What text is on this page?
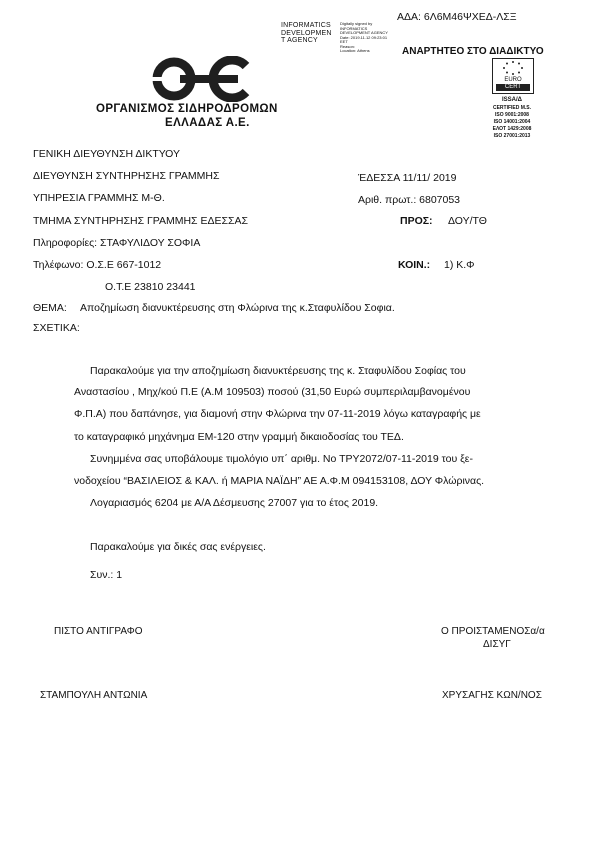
ΑΔΑ: 6Λ6Μ46ΨΧΕΔ-ΛΣΞ
INFORMATICS
DEVELOPMEN
T AGENCY
Digitally signed by
INFORMATICS
DEVELOPMENT AGENCY
Date: 2019.11.12 09:23:01
EET
Reason:
Location: Athens	ΑΝΑΡΤΗΤΕΟ ΣΤΟ ΔΙΑΔΙΚΤΥΟ
ΟΡΓΑΝΙΣΜΟΣ ΣΙΔΗΡΟΔΡΟΜΩΝ
ΕΛΛΑΔΑΣ Α.Ε.
EURO
CERT
ISSA/Δ
CERTIFIED M.S.
ISO 9001:2008
ISO 14001:2004
ΕΛΟΤ 1429:2008
ISO 27001:2013
ΓΕΝΙΚΗ ΔΙΕΥΘΥΝΣΗ ΔΙΚΤΥΟΥ
ΔΙΕΥΘΥΝΣΗ ΣΥΝΤΗΡΗΣΗΣ ΓΡΑΜΜΗΣ
ΥΠΗΡΕΣΙΑ ΓΡΑΜΜΗΣ Μ-Θ.
ΤΜΗΜΑ ΣΥΝΤΗΡΗΣΗΣ ΓΡΑΜΜΗΣ ΕΔΕΣΣΑΣ
Πληροφορίες: ΣΤΑΦΥΛΙΔΟΥ ΣΟΦΙΑ
Τηλέφωνο: Ο.Σ.Ε 667-1012
Ο.Τ.Ε 23810 23441
ΈΔΕΣΣΑ 11/11/ 2019
Αριθ. πρωτ.: 6807053
ΠΡΟΣ: ΔΟΥ/ΤΘ
ΚΟΙΝ.: 1) Κ.Φ
ΘΕΜΑ: Αποζημίωση διανυκτέρευσης στη Φλώρινα της κ.Σταφυλίδου Σοφια.
ΣΧΕΤΙΚΑ:
Παρακαλούμε για την αποζημίωση διανυκτέρευσης της κ. Σταφυλίδου Σοφίας του
Αναστασίου , Μηχ/κού Π.Ε (Α.Μ 109503) ποσού (31,50 Ευρώ συμπεριλαμβανομένου
Φ.Π.Α) που δαπάνησε, για διαμονή στην Φλώρινα την 07-11-2019 λόγω καταγραφής με
το καταγραφικό μηχάνημα ΕΜ-120 στην γραμμή δικαιοδοσίας του ΤΕΔ.
Συνημμένα σας υποβάλουμε τιμολόγιο υπ΄ αριθμ. Νο ΤΡΥ2072/07-11-2019 του ξε-
νοδοχείου “ΒΑΣΙΛΕΙΟΣ & ΚΑΛ. ή ΜΑΡΙΑ ΝΑΪΔΗ” ΑΕ Α.Φ.Μ 094153108, ΔΟΥ Φλώρινας.
Λογαριασμός 6204 με Α/Α Δέσμευσης 27007 για το έτος 2019.
Παρακαλούμε για δικές σας ενέργειες.
Συν.: 1
ΠΙΣΤΟ ΑΝΤΙΓΡΑΦΟ
ΣΤΑΜΠΟΥΛΗ ΑΝΤΩΝΙΑ
Ο ΠΡΟΙΣΤΑΜΕΝΟΣα/α
ΔΙΣΥΓ
ΧΡΥΣΑΓΗΣ ΚΩΝ/ΝΟΣ
